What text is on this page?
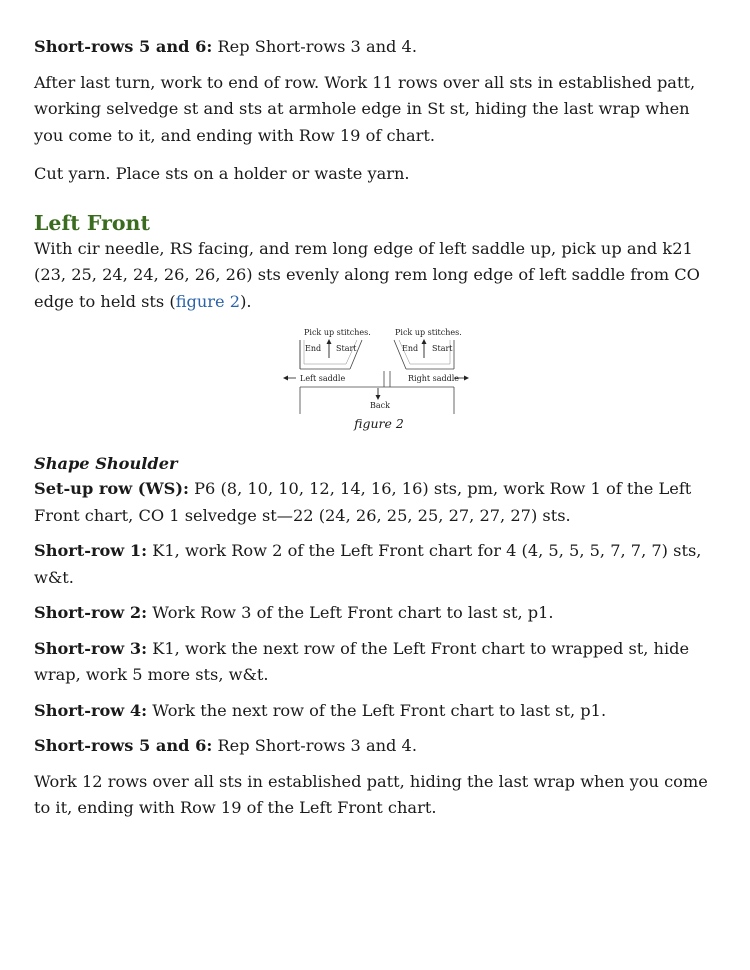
Short-rows 5 and 6: Rep Short-rows 3 and 4.

After last turn, work to end of row. Work 11 rows over all sts in established patt, working selvedge st and sts at armhole edge in St st, hiding the last wrap when you come to it, and ending with Row 19 of chart.

Cut yarn. Place sts on a holder or waste yarn.

Left Front

With cir needle, RS facing, and rem long edge of left saddle up, pick up and k21 (23, 25, 24, 24, 26, 26, 26) sts evenly along rem long edge of left saddle from CO edge to held sts (figure 2).

Pick up stitches.	Pick up stitches.
End Start	End Start
Left saddle	Right saddle
Back
figure 2
Shape Shoulder

Set-up row (WS): P6 (8, 10, 10, 12, 14, 16, 16) sts, pm, work Row 1 of the Left Front chart, CO 1 selvedge st—22 (24, 26, 25, 25, 27, 27, 27) sts.

Short-row 1: K1, work Row 2 of the Left Front chart for 4 (4, 5, 5, 5, 7, 7, 7) sts, w&t.

Short-row 2: Work Row 3 of the Left Front chart to last st, p1.

Short-row 3: K1, work the next row of the Left Front chart to wrapped st, hide wrap, work 5 more sts, w&t.

Short-row 4: Work the next row of the Left Front chart to last st, p1.

Short-rows 5 and 6: Rep Short-rows 3 and 4.

Work 12 rows over all sts in established patt, hiding the last wrap when you come to it, ending with Row 19 of the Left Front chart.
